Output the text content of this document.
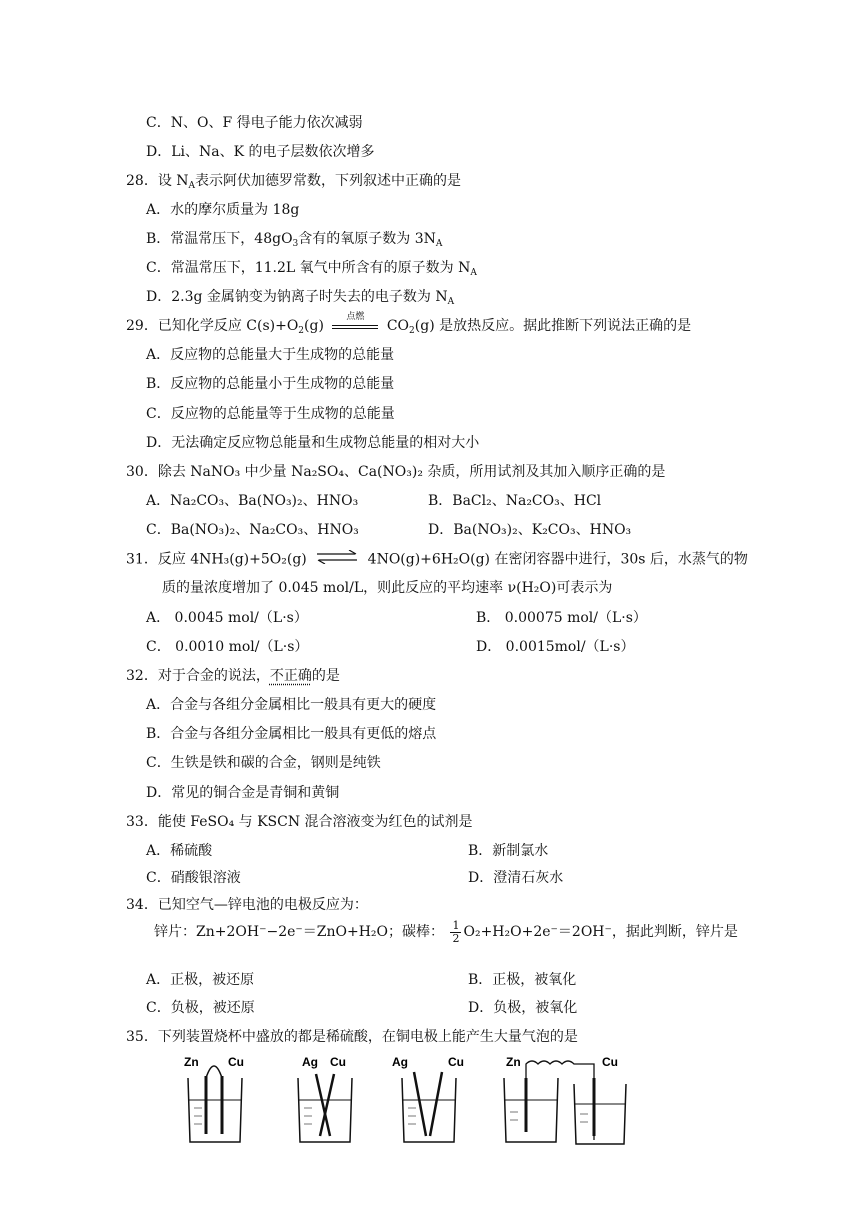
C．N、O、F 得电子能力依次减弱
D．Li、Na、K 的电子层数依次增多
28．设 $N_A$表示阿伏加德罗常数，下列叙述中正确的是
A．水的摩尔质量为 18g
B．常温常压下，$48gO_3$含有的氧原子数为 $3N_A$
C．常温常压下，11.2L 氧气中所含有的原子数为 $N_A$
D．2.3g 金属钠变为钠离子时失去的电子数为 $N_A$
29．已知化学反应 $C(s)+O_2(g)$
点燃
$CO_2(g)$ 是放热反应。据此推断下列说法正确的是
A．反应物的总能量大于生成物的总能量
B．反应物的总能量小于生成物的总能量
C．反应物的总能量等于生成物的总能量
D．无法确定反应物总能量和生成物总能量的相对大小
30．除去 NaNO₃ 中少量 Na₂SO₄、Ca(NO₃)₂ 杂质，所用试剂及其加入顺序正确的是
A．Na₂CO₃、Ba(NO₃)₂、HNO₃	B．BaCl₂、Na₂CO₃、HCl
C．Ba(NO₃)₂、Na₂CO₃、HNO₃	D．Ba(NO₃)₂、K₂CO₃、HNO₃
31．反应 4NH₃(g)+5O₂(g) ⇌ 4NO(g)+6H₂O(g) 在密闭容器中进行，30s 后，水蒸气的物
质的量浓度增加了 0.045 mol/L，则此反应的平均速率 ν(H₂O)可表示为
A． 0.0045 mol/（L·s）	B． 0.00075 mol/（L·s）
C． 0.0010 mol/（L·s）	D． 0.0015mol/（L·s）
32．对于合金的说法，不正确的是
A．合金与各组分金属相比一般具有更大的硬度
B．合金与各组分金属相比一般具有更低的熔点
C．生铁是铁和碳的合金，钢则是纯铁
D．常见的铜合金是青铜和黄铜
33．能使 FeSO₄ 与 KSCN 混合溶液变为红色的试剂是
A．稀硫酸	B．新制氯水
C．硝酸银溶液	D．澄清石灰水
34．已知空气—锌电池的电极反应为：
锌片：Zn+2OH⁻−2e⁻＝ZnO+H₂O；碳棒： $\frac{1}{2} O_2+H_2O+2e^-=2OH^-$，据此判断，锌片是
A．正极，被还原	B．正极，被氧化
C．负极，被还原	D．负极，被氧化
35．下列装置烧杯中盛放的都是稀硫酸，在铜电极上能产生大量气泡的是
Zn Cu	Ag Cu	Ag	Cu	Zn	Cu
